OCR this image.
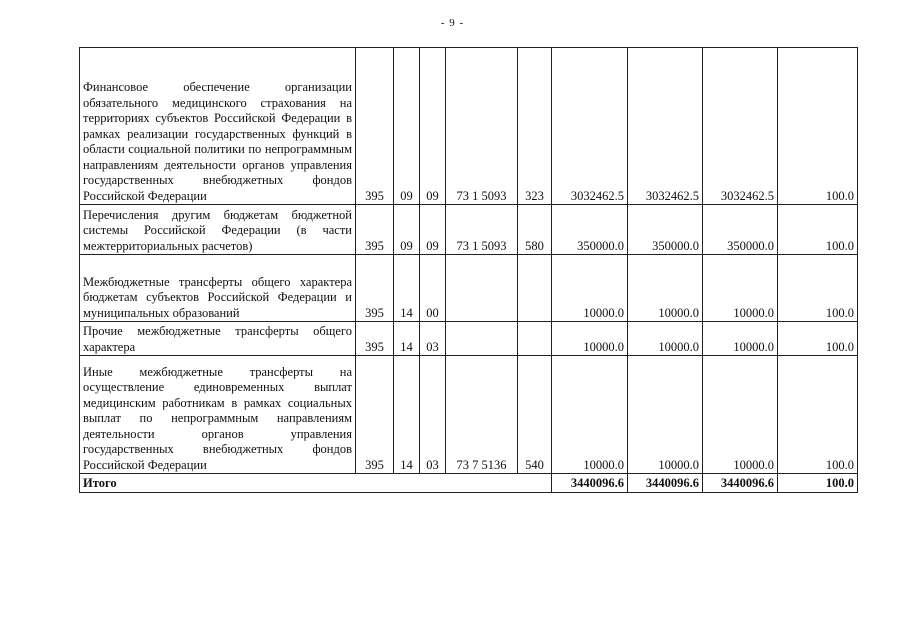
- 9 -
Финансовое обеспечение организации обязательного медицинского страхования на территориях субъектов Российской Федерации в рамках реализации государственных функций в области социальной политики по непрограммным направлениям деятельности органов управления государственных внебюджетных фондов Российской Федерации	395	09	09	73 1 5093	323	3032462.5	3032462.5	3032462.5	100.0
Перечисления другим бюджетам бюджетной системы Российской Федерации (в части межтерриториальных расчетов)	395	09	09	73 1 5093	580	350000.0	350000.0	350000.0	100.0
Межбюджетные трансферты общего характера бюджетам субъектов Российской Федерации и муниципальных образований	395	14	00			10000.0	10000.0	10000.0	100.0
Прочие межбюджетные трансферты общего характера	395	14	03			10000.0	10000.0	10000.0	100.0
Иные межбюджетные трансферты на осуществление единовременных выплат медицинским работникам в рамках социальных выплат по непрограммным направлениям деятельности органов управления государственных внебюджетных фондов Российской Федерации	395	14	03	73 7 5136	540	10000.0	10000.0	10000.0	100.0
Итого						3440096.6	3440096.6	3440096.6	100.0
